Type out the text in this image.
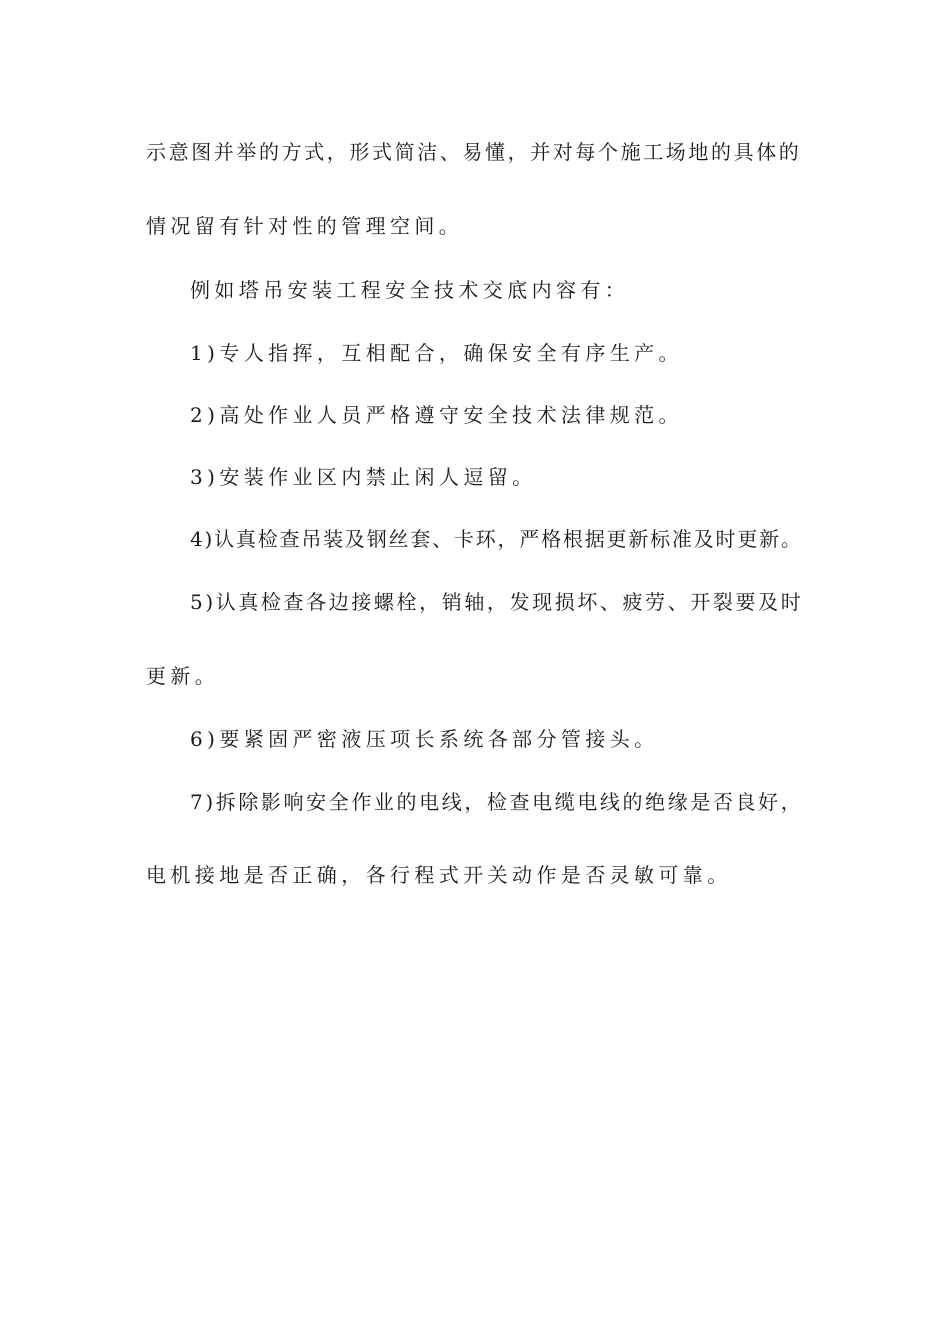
示意图并举的方式，形式简洁、易懂，并对每个施工场地的具体的
情况留有针对性的管理空间。
例如塔吊安装工程安全技术交底内容有：
1)专人指挥，互相配合，确保安全有序生产。
2)高处作业人员严格遵守安全技术法律规范。
3)安装作业区内禁止闲人逗留。
4)认真检查吊装及钢丝套、卡环，严格根据更新标准及时更新。
5)认真检查各边接螺栓，销轴，发现损坏、疲劳、开裂要及时
更新。
6)要紧固严密液压项长系统各部分管接头。
7)拆除影响安全作业的电线，检查电缆电线的绝缘是否良好，
电机接地是否正确，各行程式开关动作是否灵敏可靠。
